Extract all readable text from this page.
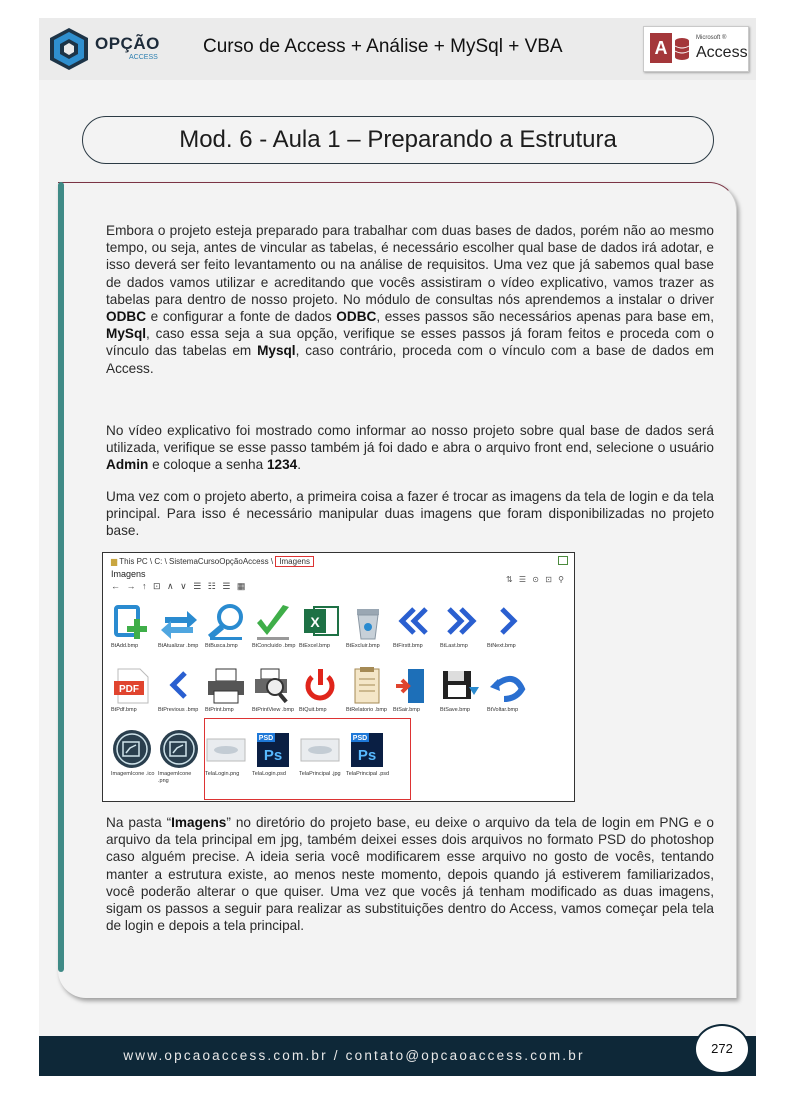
OPÇÃO
ACCESS
Curso de Access + Análise + MySql + VBA	A	Microsoft ®
Access
Mod. 6 - Aula 1 – Preparando a Estrutura
Embora o projeto esteja preparado para trabalhar com duas bases de dados, porém não ao mesmo tempo, ou seja, antes de vincular as tabelas, é necessário escolher qual base de dados irá adotar, e isso deverá ser feito levantamento ou na análise de requisitos. Uma vez que já sabemos qual base de dados vamos utilizar e acreditando que vocês assistiram o vídeo explicativo, vamos trazer as tabelas para dentro de nosso projeto. No módulo de consultas nós aprendemos a instalar o driver ODBC e configurar a fonte de dados ODBC, esses passos são necessários apenas para base em, MySql, caso essa seja a sua opção, verifique se esses passos já foram feitos e proceda com o vínculo das tabelas em Mysql, caso contrário, proceda com o vínculo com a base de dados em Access.
No vídeo explicativo foi mostrado como informar ao nosso projeto sobre qual base de dados será utilizada, verifique se esse passo também já foi dado e abra o arquivo front end, selecione o usuário Admin e coloque a senha 1234.
Uma vez com o projeto aberto, a primeira coisa a fazer é trocar as imagens da tela de login e da tela principal. Para isso é necessário manipular duas imagens que foram disponibilizadas no projeto base.
▆ This PC \ C: \ SistemaCursoOpçãoAccess \ Imagens
Imagens
← → ↑ ⊡ ∧ ∨ ☰ ☷ ☰ ▦
⇅ ☰ ⊙ ⊡ ⚲
BtAdd.bmp	BtAtualizar .bmp	BtBusca.bmp	BtConcluido .bmp
X
BtExcel.bmp	BtExcluir.bmp	BtFirstt.bmp	BtLast.bmp	BtNext.bmp
PDF
BtPdf.bmp	BtPrevious .bmp	BtPrint.bmp	BtPrintView .bmp BtQuit.bmp	BtRelatorio .bmp	BtSair.bmp	BtSave.bmp	BtVoltar.bmp
ImagemIcone .ico ImagemIcone .png
TelaLogin.png
PSD
Ps
TelaLogin.psd	TelaPrincipal .jpg
PSD
Ps
TelaPrincipal .psd
Na pasta “Imagens” no diretório do projeto base, eu deixe o arquivo da tela de login em PNG e o arquivo da tela principal em jpg, também deixei esses dois arquivos no formato PSD do photoshop caso alguém precise. A ideia seria você modificarem esse arquivo no gosto de vocês, tentando manter a estrutura existe, ao menos neste momento, depois quando já estiverem familiarizados, você poderão alterar o que quiser. Uma vez que vocês já tenham modificado as duas imagens, sigam os passos a seguir para realizar as substituições dentro do Access, vamos começar pela tela de login e depois a tela principal.
www.opcaoaccess.com.br / contato@opcaoaccess.com.br	272
